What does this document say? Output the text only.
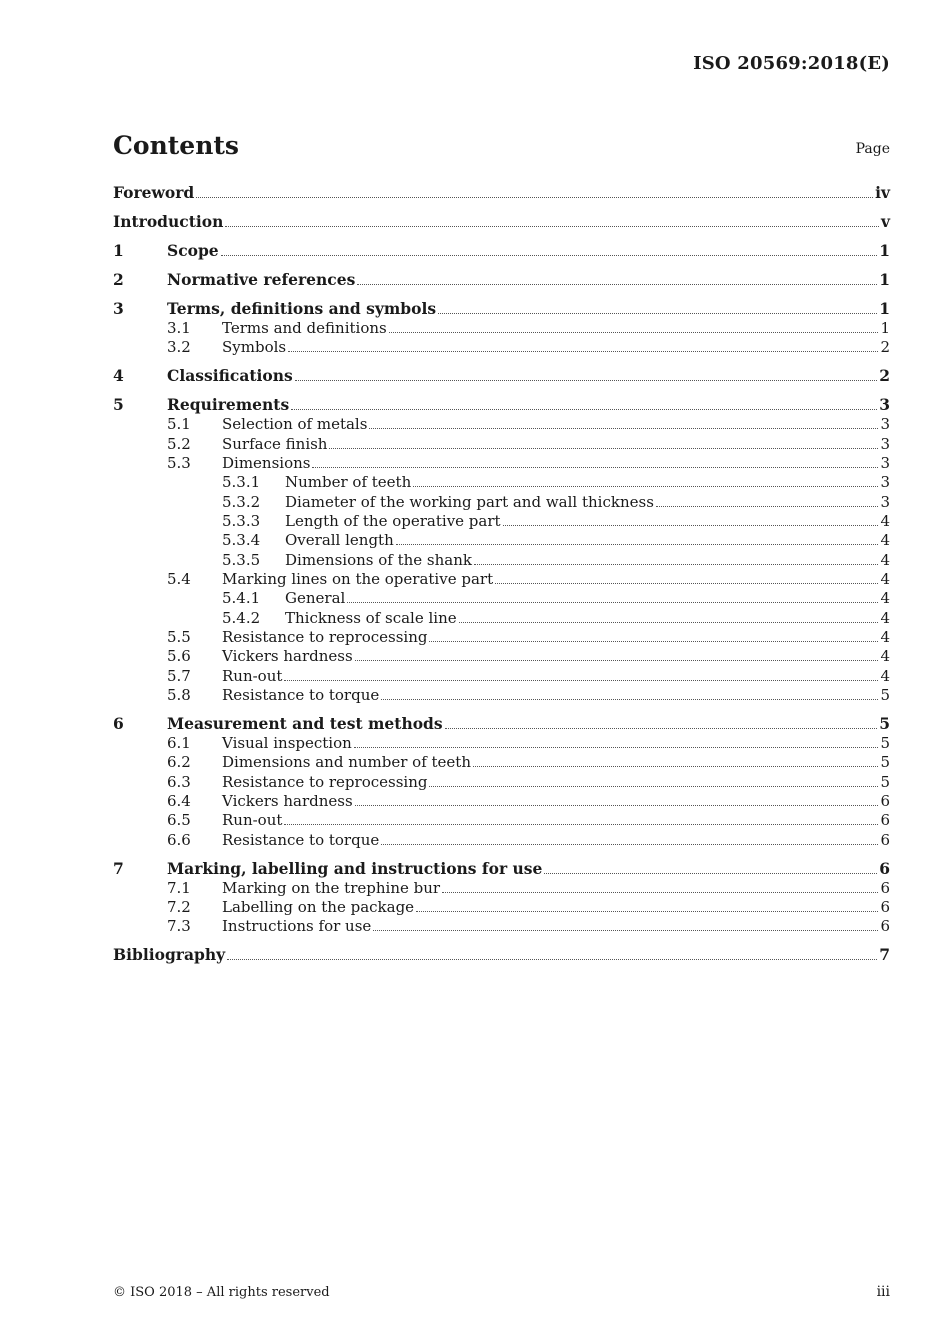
ISO 20569:2018(E)
Contents	Page
Foreword	iv
Introduction	v
1	Scope	1
2	Normative references	1
3	Terms, definitions and symbols	1
3.1 Terms and definitions	1
3.2 Symbols	2
4	Classifications	2
5	Requirements	3
5.1 Selection of metals	3
5.2 Surface finish	3
5.3 Dimensions	3
5.3.1 Number of teeth	3
5.3.2 Diameter of the working part and wall thickness	3
5.3.3 Length of the operative part	4
5.3.4 Overall length	4
5.3.5 Dimensions of the shank	4
5.4 Marking lines on the operative part	4
5.4.1 General	4
5.4.2 Thickness of scale line	4
5.5 Resistance to reprocessing	4
5.6 Vickers hardness	4
5.7 Run-out	4
5.8 Resistance to torque	5
6	Measurement and test methods	5
6.1 Visual inspection	5
6.2 Dimensions and number of teeth	5
6.3 Resistance to reprocessing	5
6.4 Vickers hardness	6
6.5 Run-out	6
6.6 Resistance to torque	6
7	Marking, labelling and instructions for use	6
7.1 Marking on the trephine bur	6
7.2 Labelling on the package	6
7.3 Instructions for use	6
Bibliography	7
© ISO 2018 – All rights reserved	iii
